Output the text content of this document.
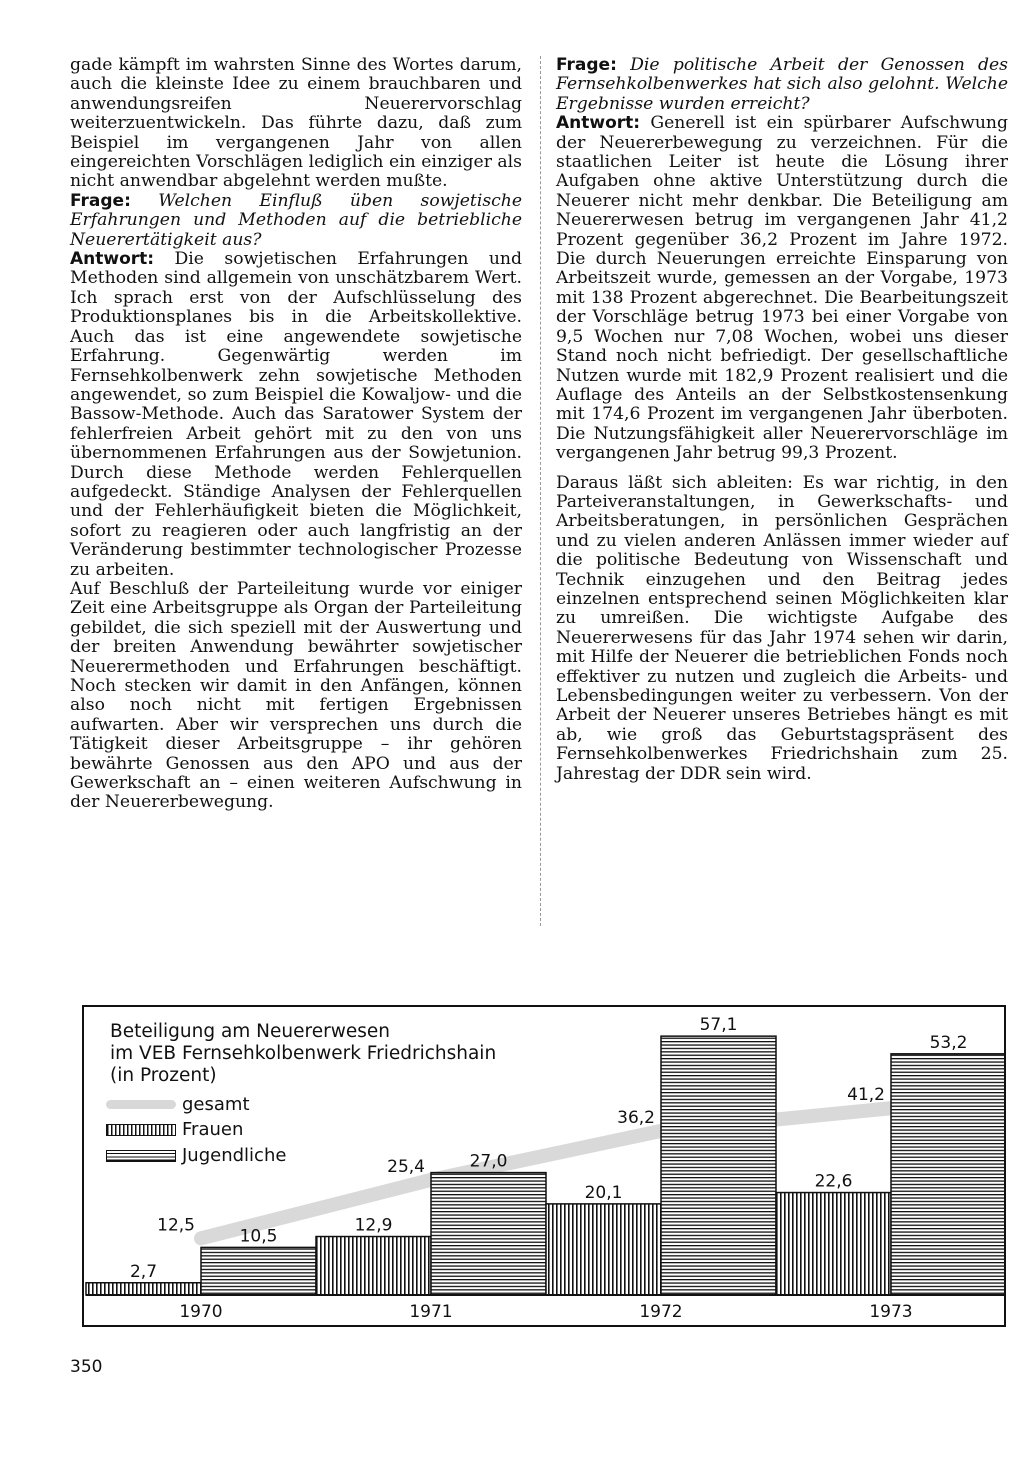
gade kämpft im wahrsten Sinne des Wortes darum, auch die kleinste Idee zu einem brauchbaren und anwendungsreifen Neuerervorschlag weiterzuentwickeln. Das führte dazu, daß zum Beispiel im vergangenen Jahr von allen eingereichten Vorschlägen lediglich ein einziger als nicht anwendbar abgelehnt werden mußte.

Frage: Welchen Einfluß üben sowjetische Erfahrungen und Methoden auf die betriebliche Neuerertätigkeit aus?

Antwort: Die sowjetischen Erfahrungen und Methoden sind allgemein von unschätzbarem Wert. Ich sprach erst von der Aufschlüsselung des Produktionsplanes bis in die Arbeitskollektive. Auch das ist eine angewendete sowjetische Erfahrung. Gegenwärtig werden im Fernsehkolbenwerk zehn sowjetische Methoden angewendet, so zum Beispiel die Kowaljow- und die Bassow-Methode. Auch das Saratower System der fehlerfreien Arbeit gehört mit zu den von uns übernommenen Erfahrungen aus der Sowjetunion. Durch diese Methode werden Fehlerquellen aufgedeckt. Ständige Analysen der Fehlerquellen und der Fehlerhäufigkeit bieten die Möglichkeit, sofort zu reagieren oder auch langfristig an der Veränderung bestimmter technologischer Prozesse zu arbeiten.

Auf Beschluß der Parteileitung wurde vor einiger Zeit eine Arbeitsgruppe als Organ der Parteileitung gebildet, die sich speziell mit der Auswertung und der breiten Anwendung bewährter sowjetischer Neuerermethoden und Erfahrungen beschäftigt. Noch stecken wir damit in den Anfängen, können also noch nicht mit fertigen Ergebnissen aufwarten. Aber wir versprechen uns durch die Tätigkeit dieser Arbeitsgruppe – ihr gehören bewährte Genossen aus den APO und aus der Gewerkschaft an – einen weiteren Aufschwung in der Neuererbewegung.

Frage: Die politische Arbeit der Genossen des Fernsehkolbenwerkes hat sich also gelohnt. Welche Ergebnisse wurden erreicht?

Antwort: Generell ist ein spürbarer Aufschwung der Neuererbewegung zu verzeichnen. Für die staatlichen Leiter ist heute die Lösung ihrer Aufgaben ohne aktive Unterstützung durch die Neuerer nicht mehr denkbar. Die Beteiligung am Neuererwesen betrug im vergangenen Jahr 41,2 Prozent gegenüber 36,2 Prozent im Jahre 1972. Die durch Neuerungen erreichte Einsparung von Arbeitszeit wurde, gemessen an der Vorgabe, 1973 mit 138 Prozent abgerechnet. Die Bearbeitungszeit der Vorschläge betrug 1973 bei einer Vorgabe von 9,5 Wochen nur 7,08 Wochen, wobei uns dieser Stand noch nicht befriedigt. Der gesellschaftliche Nutzen wurde mit 182,9 Prozent realisiert und die Auflage des Anteils an der Selbstkostensenkung mit 174,6 Prozent im vergangenen Jahr überboten. Die Nutzungsfähigkeit aller Neuerervorschläge im vergangenen Jahr betrug 99,3 Prozent.

Daraus läßt sich ableiten: Es war richtig, in den Parteiveranstaltungen, in Gewerkschafts- und Arbeitsberatungen, in persönlichen Gesprächen und zu vielen anderen Anlässen immer wieder auf die politische Bedeutung von Wissenschaft und Technik einzugehen und den Beitrag jedes einzelnen entsprechend seinen Möglichkeiten klar zu umreißen. Die wichtigste Aufgabe des Neuererwesens für das Jahr 1974 sehen wir darin, mit Hilfe der Neuerer die betrieblichen Fonds noch effektiver zu nutzen und zugleich die Arbeits- und Lebensbedingungen weiter zu verbessern. Von der Arbeit der Neuerer unseres Betriebes hängt es mit ab, wie groß das Geburtstagspräsent des Fernsehkolbenwerkes Friedrichshain zum 25. Jahrestag der DDR sein wird.

2,7
10,5
12,5
1970
12,9
27,0
25,4
1971
20,1
57,1
36,2
1972
22,6
53,2
41,2
1973
Beteiligung am Neuererwesen
im VEB Fernsehkolbenwerk Friedrichshain
(in Prozent)
gesamt
Frauen
Jugendliche
350
